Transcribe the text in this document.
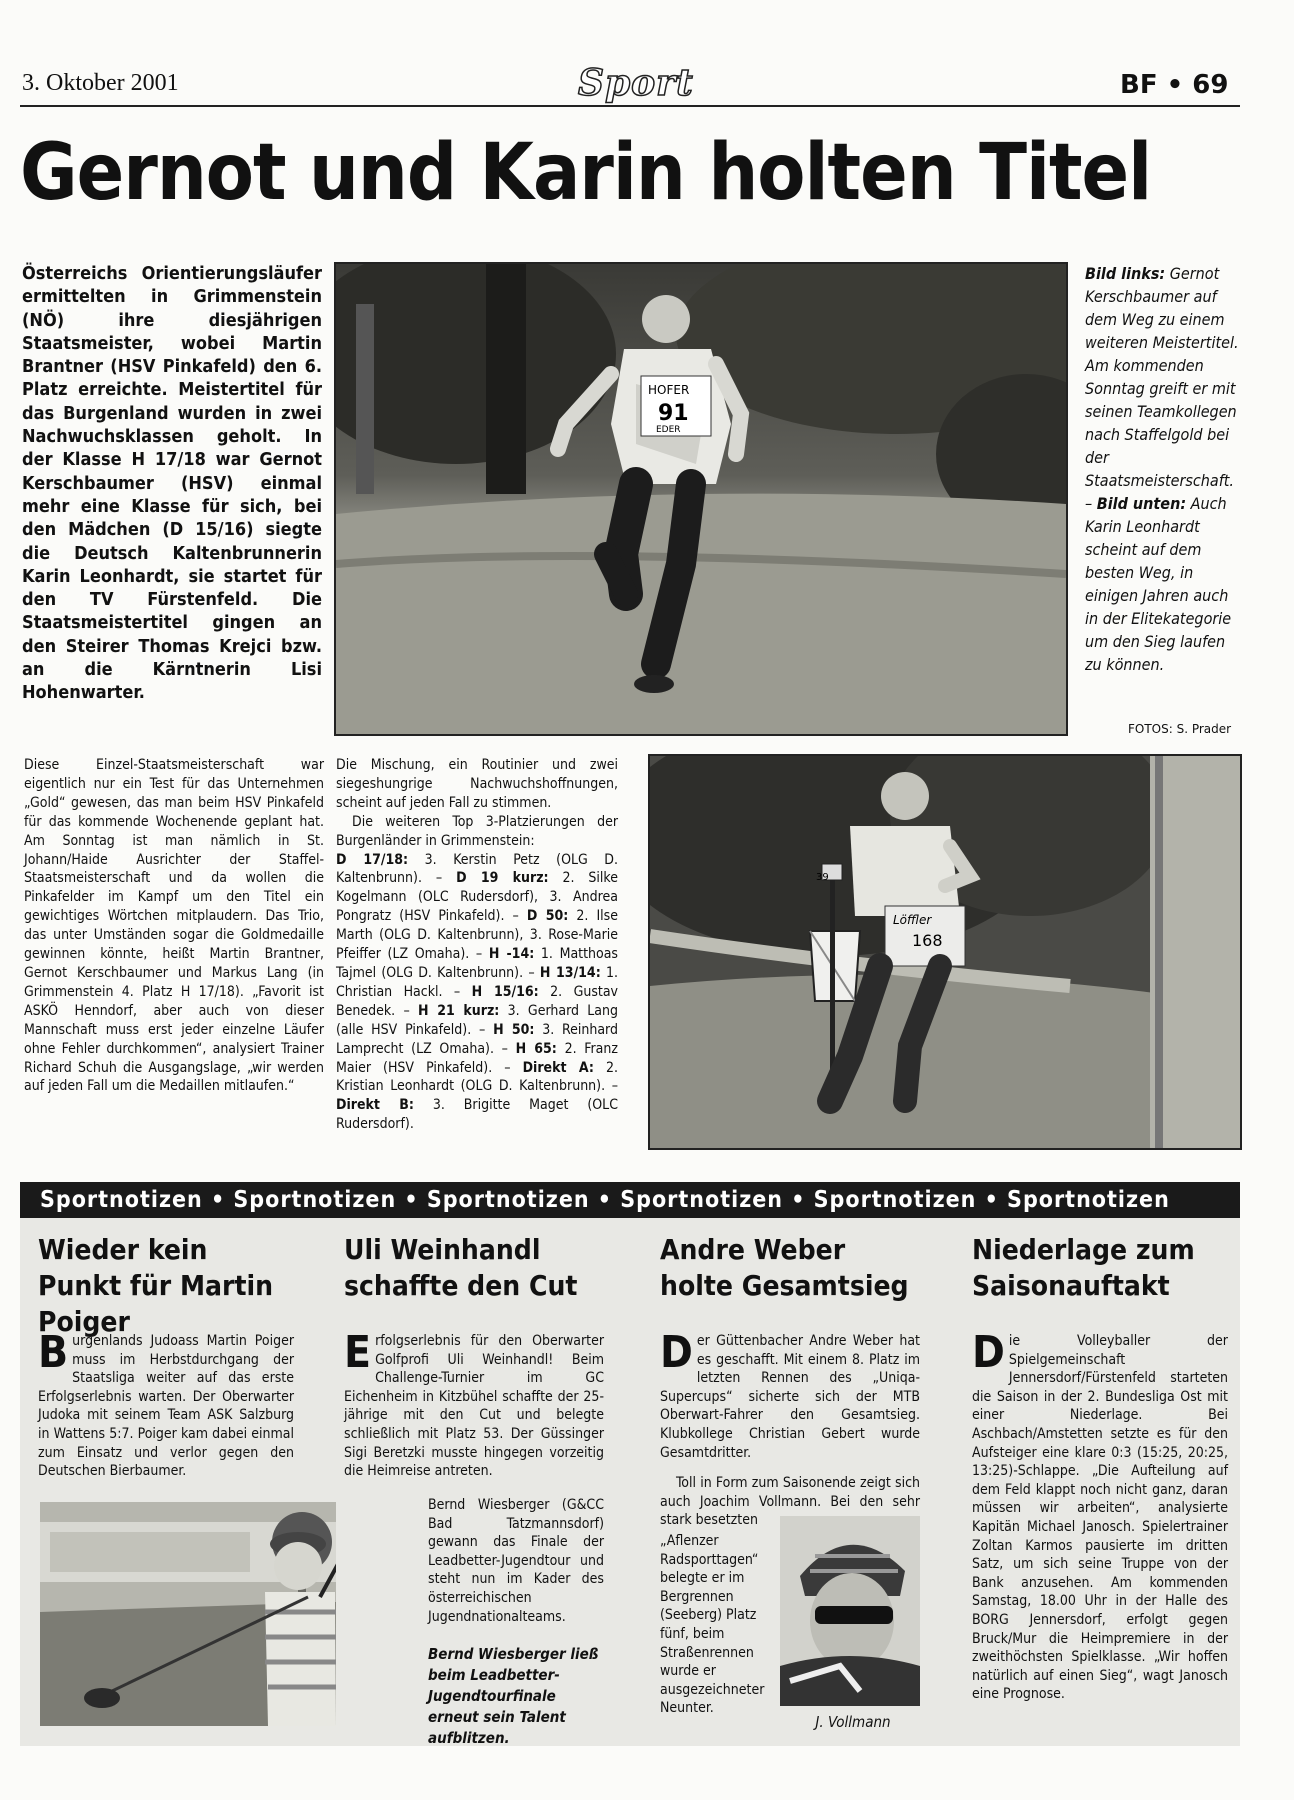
3. Oktober 2001	Sport	BF • 69
Gernot und Karin holten Titel
Österreichs Orientierungsläufer ermittelten in Grimmenstein (NÖ) ihre diesjährigen Staatsmeister, wobei Martin Brantner (HSV Pinkafeld) den 6. Platz erreichte. Meistertitel für das Burgenland wurden in zwei Nachwuchsklassen geholt. In der Klasse H 17/18 war Gernot Kerschbaumer (HSV) einmal mehr eine Klasse für sich, bei den Mädchen (D 15/16) siegte die Deutsch Kaltenbrunnerin Karin Leonhardt, sie startet für den TV Fürstenfeld. Die Staatsmeistertitel gingen an den Steirer Thomas Krejci bzw. an die Kärntnerin Lisi Hohenwarter.
HOFER
91
EDER
Bild links: Gernot Kerschbaumer auf dem Weg zu einem weiteren Meistertitel. Am kommenden Sonntag greift er mit seinen Teamkollegen nach Staffelgold bei der Staatsmeisterschaft. – Bild unten: Auch Karin Leonhardt scheint auf dem besten Weg, in einigen Jahren auch in der Elitekategorie um den Sieg laufen zu können.
FOTOS: S. Prader
Diese Einzel-Staatsmeisterschaft war eigentlich nur ein Test für das Unternehmen „Gold“ gewesen, das man beim HSV Pinkafeld für das kommende Wochenende geplant hat. Am Sonntag ist man nämlich in St. Johann/Haide Ausrichter der Staffel-Staatsmeisterschaft und da wollen die Pinkafelder im Kampf um den Titel ein gewichtiges Wörtchen mitplaudern. Das Trio, das unter Umständen sogar die Goldmedaille gewinnen könnte, heißt Martin Brantner, Gernot Kerschbaumer und Markus Lang (in Grimmenstein 4. Platz H 17/18). „Favorit ist ASKÖ Henndorf, aber auch von dieser Mannschaft muss erst jeder einzelne Läufer ohne Fehler durchkommen“, analysiert Trainer Richard Schuh die Ausgangslage, „wir werden auf jeden Fall um die Medaillen mitlaufen.“

Die Mischung, ein Routinier und zwei siegeshungrige Nachwuchshoffnungen, scheint auf jeden Fall zu stimmen.

Die weiteren Top 3-Platzierungen der Burgenländer in Grimmenstein:

D 17/18: 3. Kerstin Petz (OLG D. Kaltenbrunn). – D 19 kurz: 2. Silke Kogelmann (OLC Rudersdorf), 3. Andrea Pongratz (HSV Pinkafeld). – D 50: 2. Ilse Marth (OLG D. Kaltenbrunn), 3. Rose-Marie Pfeiffer (LZ Omaha). – H -14: 1. Matthoas Tajmel (OLG D. Kaltenbrunn). – H 13/14: 1. Christian Hackl. – H 15/16: 2. Gustav Benedek. – H 21 kurz: 3. Gerhard Lang (alle HSV Pinkafeld). – H 50: 3. Reinhard Lamprecht (LZ Omaha). – H 65: 2. Franz Maier (HSV Pinkafeld). – Direkt A: 2. Kristian Leonhardt (OLG D. Kaltenbrunn). – Direkt B: 3. Brigitte Maget (OLC Rudersdorf).

Löffler
168
39
Sportnotizen • Sportnotizen • Sportnotizen • Sportnotizen • Sportnotizen • Sportnotizen
Wieder kein Punkt für Martin Poiger
Burgenlands Judoass Martin Poiger muss im Herbstdurchgang der Staatsliga weiter auf das erste Erfolgserlebnis warten. Der Oberwarter Judoka mit seinem Team ASK Salzburg in Wattens 5:7. Poiger kam dabei einmal zum Einsatz und verlor gegen den Deutschen Bierbaumer.
Uli Weinhandl schaffte den Cut
Erfolgserlebnis für den Oberwarter Golfprofi Uli Weinhandl! Beim Challenge-Turnier im GC Eichenheim in Kitzbühel schaffte der 25-jährige mit den Cut und belegte schließlich mit Platz 53. Der Güssinger Sigi Beretzki musste hingegen vorzeitig die Heimreise antreten.
Bernd Wiesberger (G&CC Bad Tatzmannsdorf) gewann das Finale der Leadbetter-Jugendtour und steht nun im Kader des österreichischen Jugendnationalteams.
Bernd Wiesberger ließ beim Leadbetter-Jugendtourfinale erneut sein Talent aufblitzen.
Andre Weber holte Gesamtsieg
Der Güttenbacher Andre Weber hat es geschafft. Mit einem 8. Platz im letzten Rennen des „Uniqa-Supercups“ sicherte sich der MTB Oberwart-Fahrer den Gesamtsieg. Klubkollege Christian Gebert wurde Gesamtdritter.
Toll in Form zum Saisonende zeigt sich auch Joachim Vollmann. Bei den sehr stark besetzten
„Aflenzer Radsporttagen“ belegte er im Bergrennen (Seeberg) Platz fünf, beim Straßenrennen wurde er ausgezeichneter Neunter.
J. Vollmann
Niederlage zum Saisonauftakt
Die Volleyballer der Spielgemeinschaft Jennersdorf/Fürstenfeld starteten die Saison in der 2. Bundesliga Ost mit einer Niederlage. Bei Aschbach/Amstetten setzte es für den Aufsteiger eine klare 0:3 (15:25, 20:25, 13:25)-Schlappe. „Die Aufteilung auf dem Feld klappt noch nicht ganz, daran müssen wir arbeiten“, analysierte Kapitän Michael Janosch. Spielertrainer Zoltan Karmos pausierte im dritten Satz, um sich seine Truppe von der Bank anzusehen. Am kommenden Samstag, 18.00 Uhr in der Halle des BORG Jennersdorf, erfolgt gegen Bruck/Mur die Heimpremiere in der zweithöchsten Spielklasse. „Wir hoffen natürlich auf einen Sieg“, wagt Janosch eine Prognose.
